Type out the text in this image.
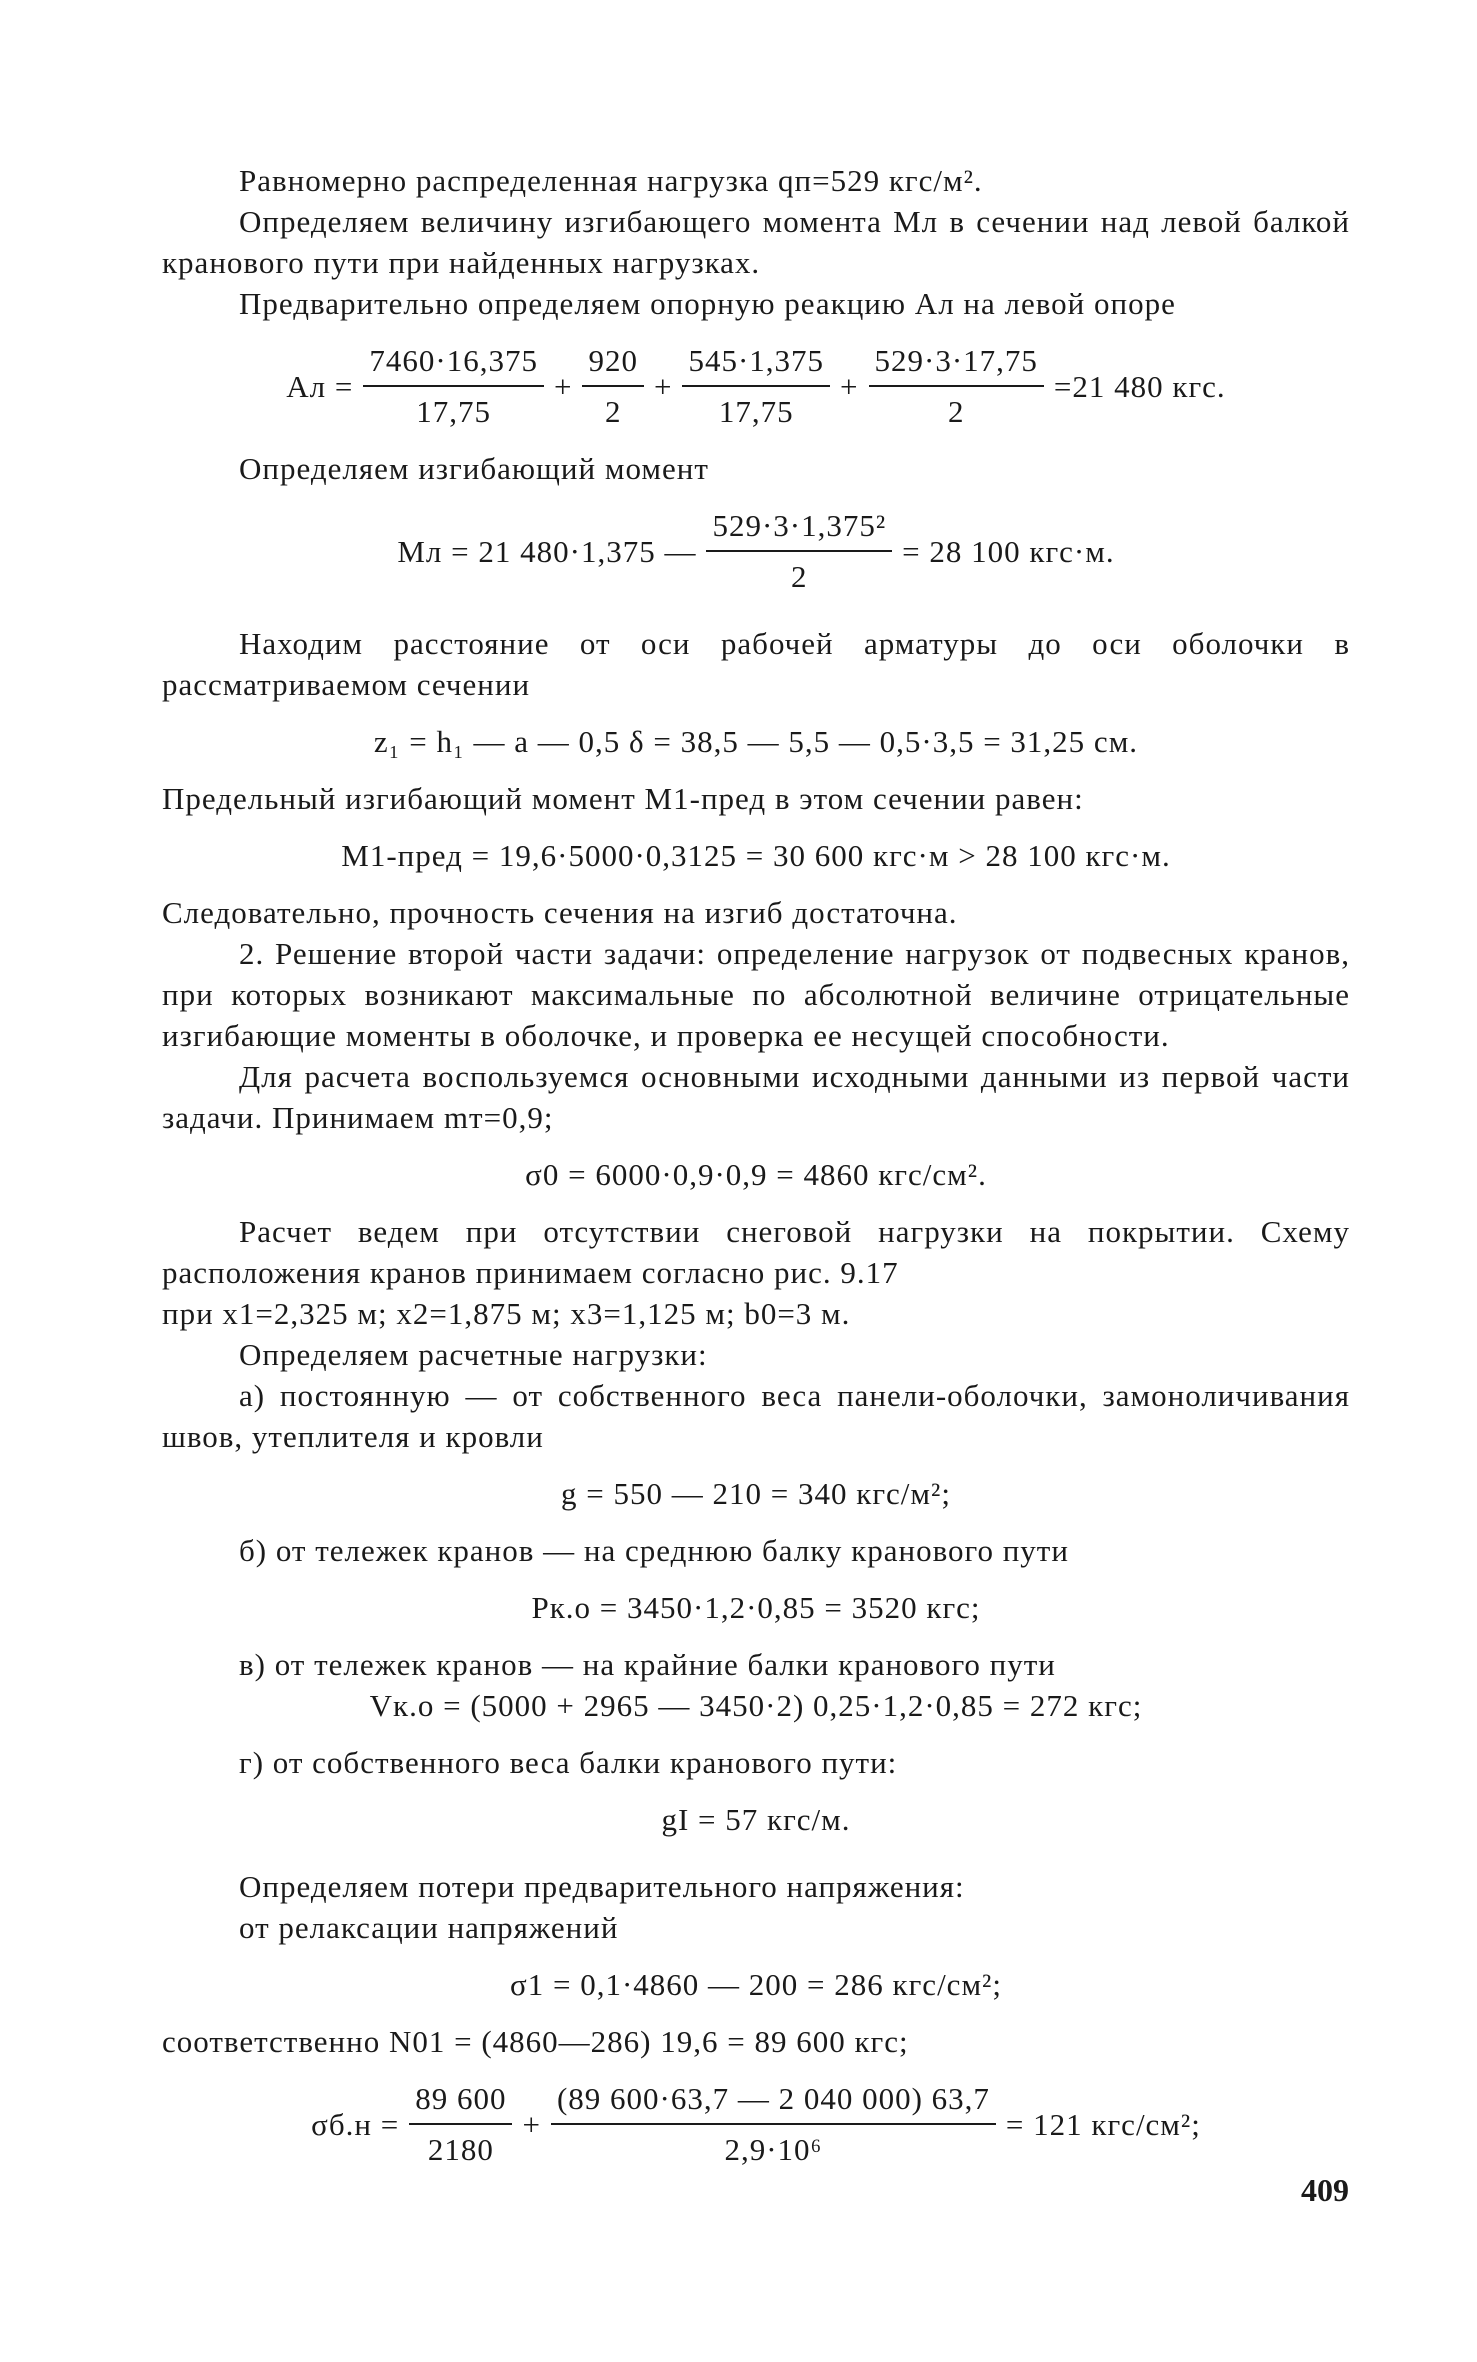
Равномерно распределенная нагрузка qп=529 кгс/м².

Определяем величину изгибающего момента Мл в сечении над левой балкой кранового пути при найденных нагрузках.

Предварительно определяем опорную реакцию Ал на левой опоре

Ал = $\frac{7460\cdot 16,375}{17,75} + \frac{920}{2} + \frac{545\cdot 1,375}{17,75} + \frac{529\cdot 3\cdot 17,75}{2} =21$ 480 кгс.

Определяем изгибающий момент

Мл = 21 480·1,375 — $\frac{\text{529·3·1,375²}}{2} = 28$ 100 кгс·м.

Находим расстояние от оси рабочей арматуры до оси оболочки в рассматриваемом сечении

z₁ = h₁ — a — 0,5 δ = 38,5 — 5,5 — 0,5·3,5 = 31,25 см.

Предельный изгибающий момент М1-пред в этом сечении равен:

М1-пред = 19,6·5000·0,3125 = 30 600 кгс·м > 28 100 кгс·м.

Следовательно, прочность сечения на изгиб достаточна.

2. Решение второй части задачи: определение нагрузок от подвесных кранов, при которых возникают максимальные по абсолютной величине отрицательные изгибающие моменты в оболочке, и проверка ее несущей способности.

Для расчета воспользуемся основными исходными данными из первой части задачи. Принимаем mт=0,9;

σ0 = 6000·0,9·0,9 = 4860 кгс/см².

Расчет ведем при отсутствии снеговой нагрузки на покрытии. Схему расположения кранов принимаем согласно рис. 9.17

при x1=2,325 м; x2=1,875 м; x3=1,125 м; b0=3 м.

Определяем расчетные нагрузки:

а) постоянную — от собственного веса панели-оболочки, замоноличивания швов, утеплителя и кровли

g = 550 — 210 = 340 кгс/м²;

б) от тележек кранов — на среднюю балку кранового пути

Pк.о = 3450·1,2·0,85 = 3520 кгс;

в) от тележек кранов — на крайние балки кранового пути

Vк.о = (5000 + 2965 — 3450·2) 0,25·1,2·0,85 = 272 кгс;

г) от собственного веса балки кранового пути:

gI = 57 кгс/м.

Определяем потери предварительного напряжения:

от релаксации напряжений

σ1 = 0,1·4860 — 200 = 286 кгс/см²;

соответственно N01 = (4860—286) 19,6 = 89 600 кгс;

$\sigma б.н = \frac{89 600}{2180} + \frac{(89 600\cdot 63,7 — 2 040 000) 63,7}{\text{2,9·10⁶}} = 121$ кгс/см²;
409
